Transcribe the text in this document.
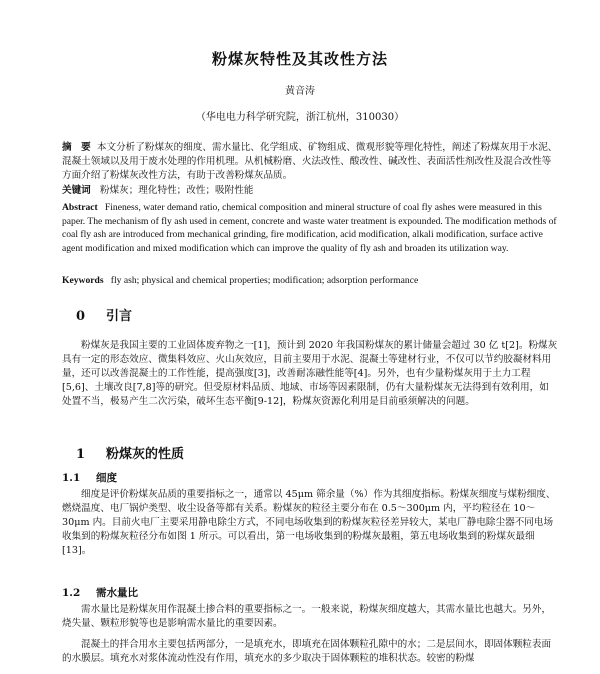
粉煤灰特性及其改性方法
黄音涛
（华电电力科学研究院，浙江杭州，310030）
摘　要 本文分析了粉煤灰的细度、需水量比、化学组成、矿物组成、微观形貌等理化特性，阐述了粉煤灰用于水泥、混凝土领域以及用于废水处理的作用机理。从机械粉磨、火法改性、酸改性、碱改性、表面活性剂改性及混合改性等方面介绍了粉煤灰改性方法，有助于改善粉煤灰品质。
关键词 粉煤灰；理化特性；改性；吸附性能
Abstract Fineness, water demand ratio, chemical composition and mineral structure of coal fly ashes were measured in this paper. The mechanism of fly ash used in cement, concrete and waste water treatment is expounded. The modification methods of coal fly ash are introduced from mechanical grinding, fire modification, acid modification, alkali modification, surface active agent modification and mixed modification which can improve the quality of fly ash and broaden its utilization way.
Keywords fly ash; physical and chemical properties; modification; adsorption performance
0 引言
粉煤灰是我国主要的工业固体废弃物之一[1]，预计到 2020 年我国粉煤灰的累计储量会超过 30 亿 t[2]。粉煤灰具有一定的形态效应、微集料效应、火山灰效应，目前主要用于水泥、混凝土等建材行业，不仅可以节约胶凝材料用量，还可以改善混凝土的工作性能，提高强度[3]，改善耐冻融性能等[4]。另外，也有少量粉煤灰用于土力工程[5,6]、土壤改良[7,8]等的研究。但受原材料品质、地域、市场等因素限制，仍有大量粉煤灰无法得到有效利用，如处置不当，极易产生二次污染，破坏生态平衡[9-12]，粉煤灰资源化利用是目前亟须解决的问题。
1 粉煤灰的性质
1.1 细度
细度是评价粉煤灰品质的重要指标之一，通常以 45μm 筛余量（%）作为其细度指标。粉煤灰细度与煤粉细度、燃烧温度、电厂锅炉类型、收尘设备等都有关系。粉煤灰的粒径主要分布在 0.5～300μm 内，平均粒径在 10～30μm 内。目前火电厂主要采用静电除尘方式，不同电场收集到的粉煤灰粒径差异较大，某电厂静电除尘器不同电场收集到的粉煤灰粒径分布如图 1 所示。可以看出，第一电场收集到的粉煤灰最粗，第五电场收集到的粉煤灰最细[13]。
1.2 需水量比
需水量比是粉煤灰用作混凝土掺合料的重要指标之一。一般来说，粉煤灰细度越大，其需水量比也越大。另外，烧失量、颗粒形貌等也是影响需水量比的重要因素。
混凝土的拌合用水主要包括两部分，一是填充水，即填充在固体颗粒孔隙中的水；二是层间水，即固体颗粒表面的水膜层。填充水对浆体流动性没有作用，填充水的多少取决于固体颗粒的堆积状态。较密的粉煤
